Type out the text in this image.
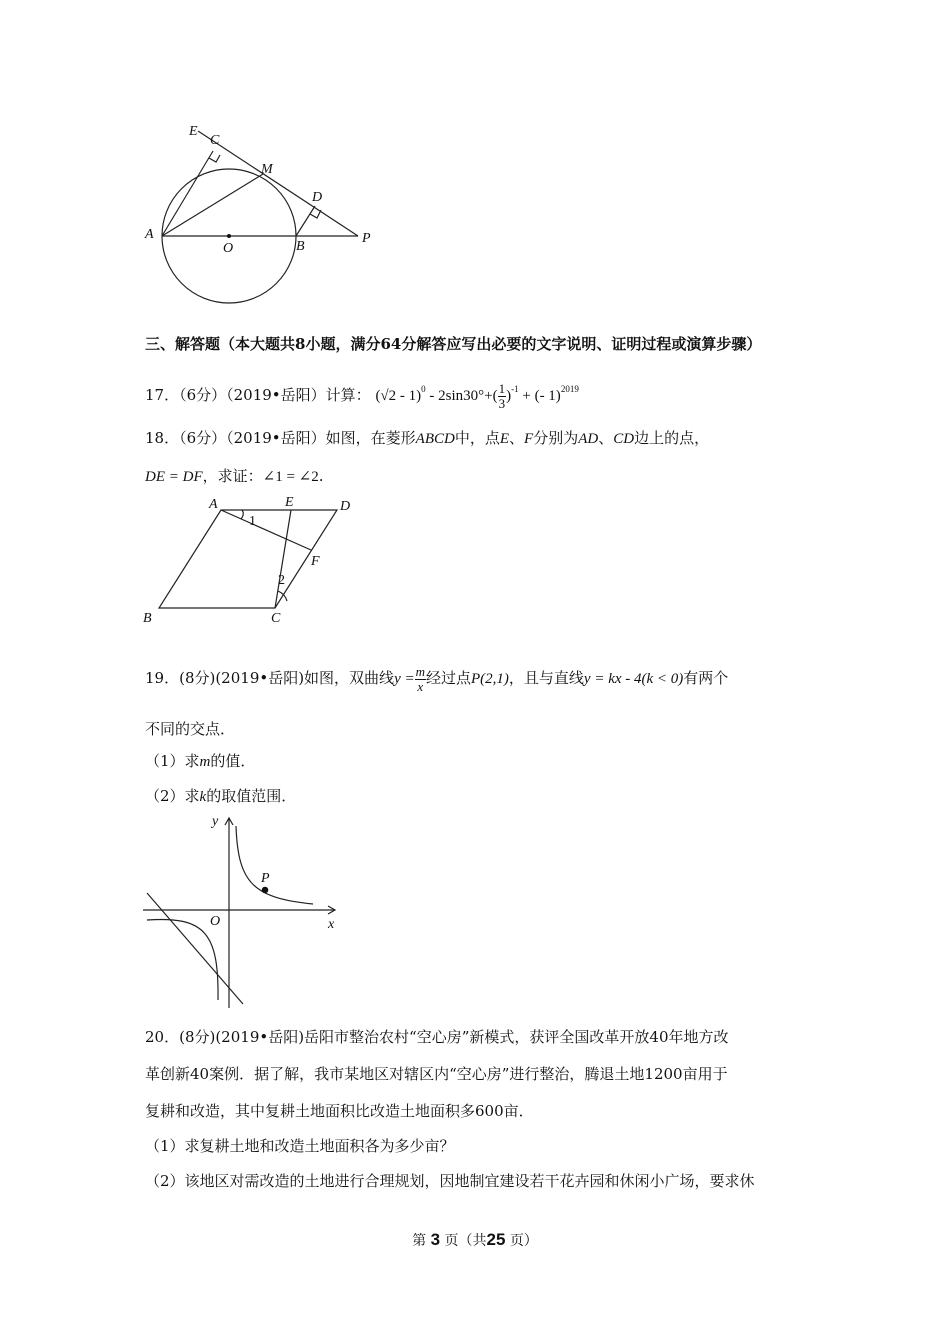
E
C
M
D
A
O	B
P
三、解答题（本大题共8小题，满分64分解答应写出必要的文字说明、证明过程或演算步骤）
17．（6分）（2019•岳阳）计算： $(√2 - 1)^0 - 2\sin 30^\circ+( \frac{1}{3} )^{-1}$ + (- 1)$^{2019}$
18．（6分）（2019•岳阳）如图，在菱形ABCD中，点E、F分别为AD、CD边上的点，
DE = DF，求证：∠1 = ∠2.
A	E	D
1
F
2
B	C
19．(8分)(2019•岳阳)如图，双曲线$y = \frac{m}{x}$ 经过点P(2,1)，且与直线y = kx - 4(k < 0)有两个
不同的交点．
（1）求m的值．
（2）求k的取值范围．
y
P
O	x
20．(8分)(2019•岳阳)岳阳市整治农村“空心房”新模式，获评全国改革开放40年地方改
革创新40案例．据了解，我市某地区对辖区内“空心房”进行整治，腾退土地1200亩用于
复耕和改造，其中复耕土地面积比改造土地面积多600亩．
（1）求复耕土地和改造土地面积各为多少亩？
（2）该地区对需改造的土地进行合理规划，因地制宜建设若干花卉园和休闲小广场，要求休
第 3 页（共25 页）
